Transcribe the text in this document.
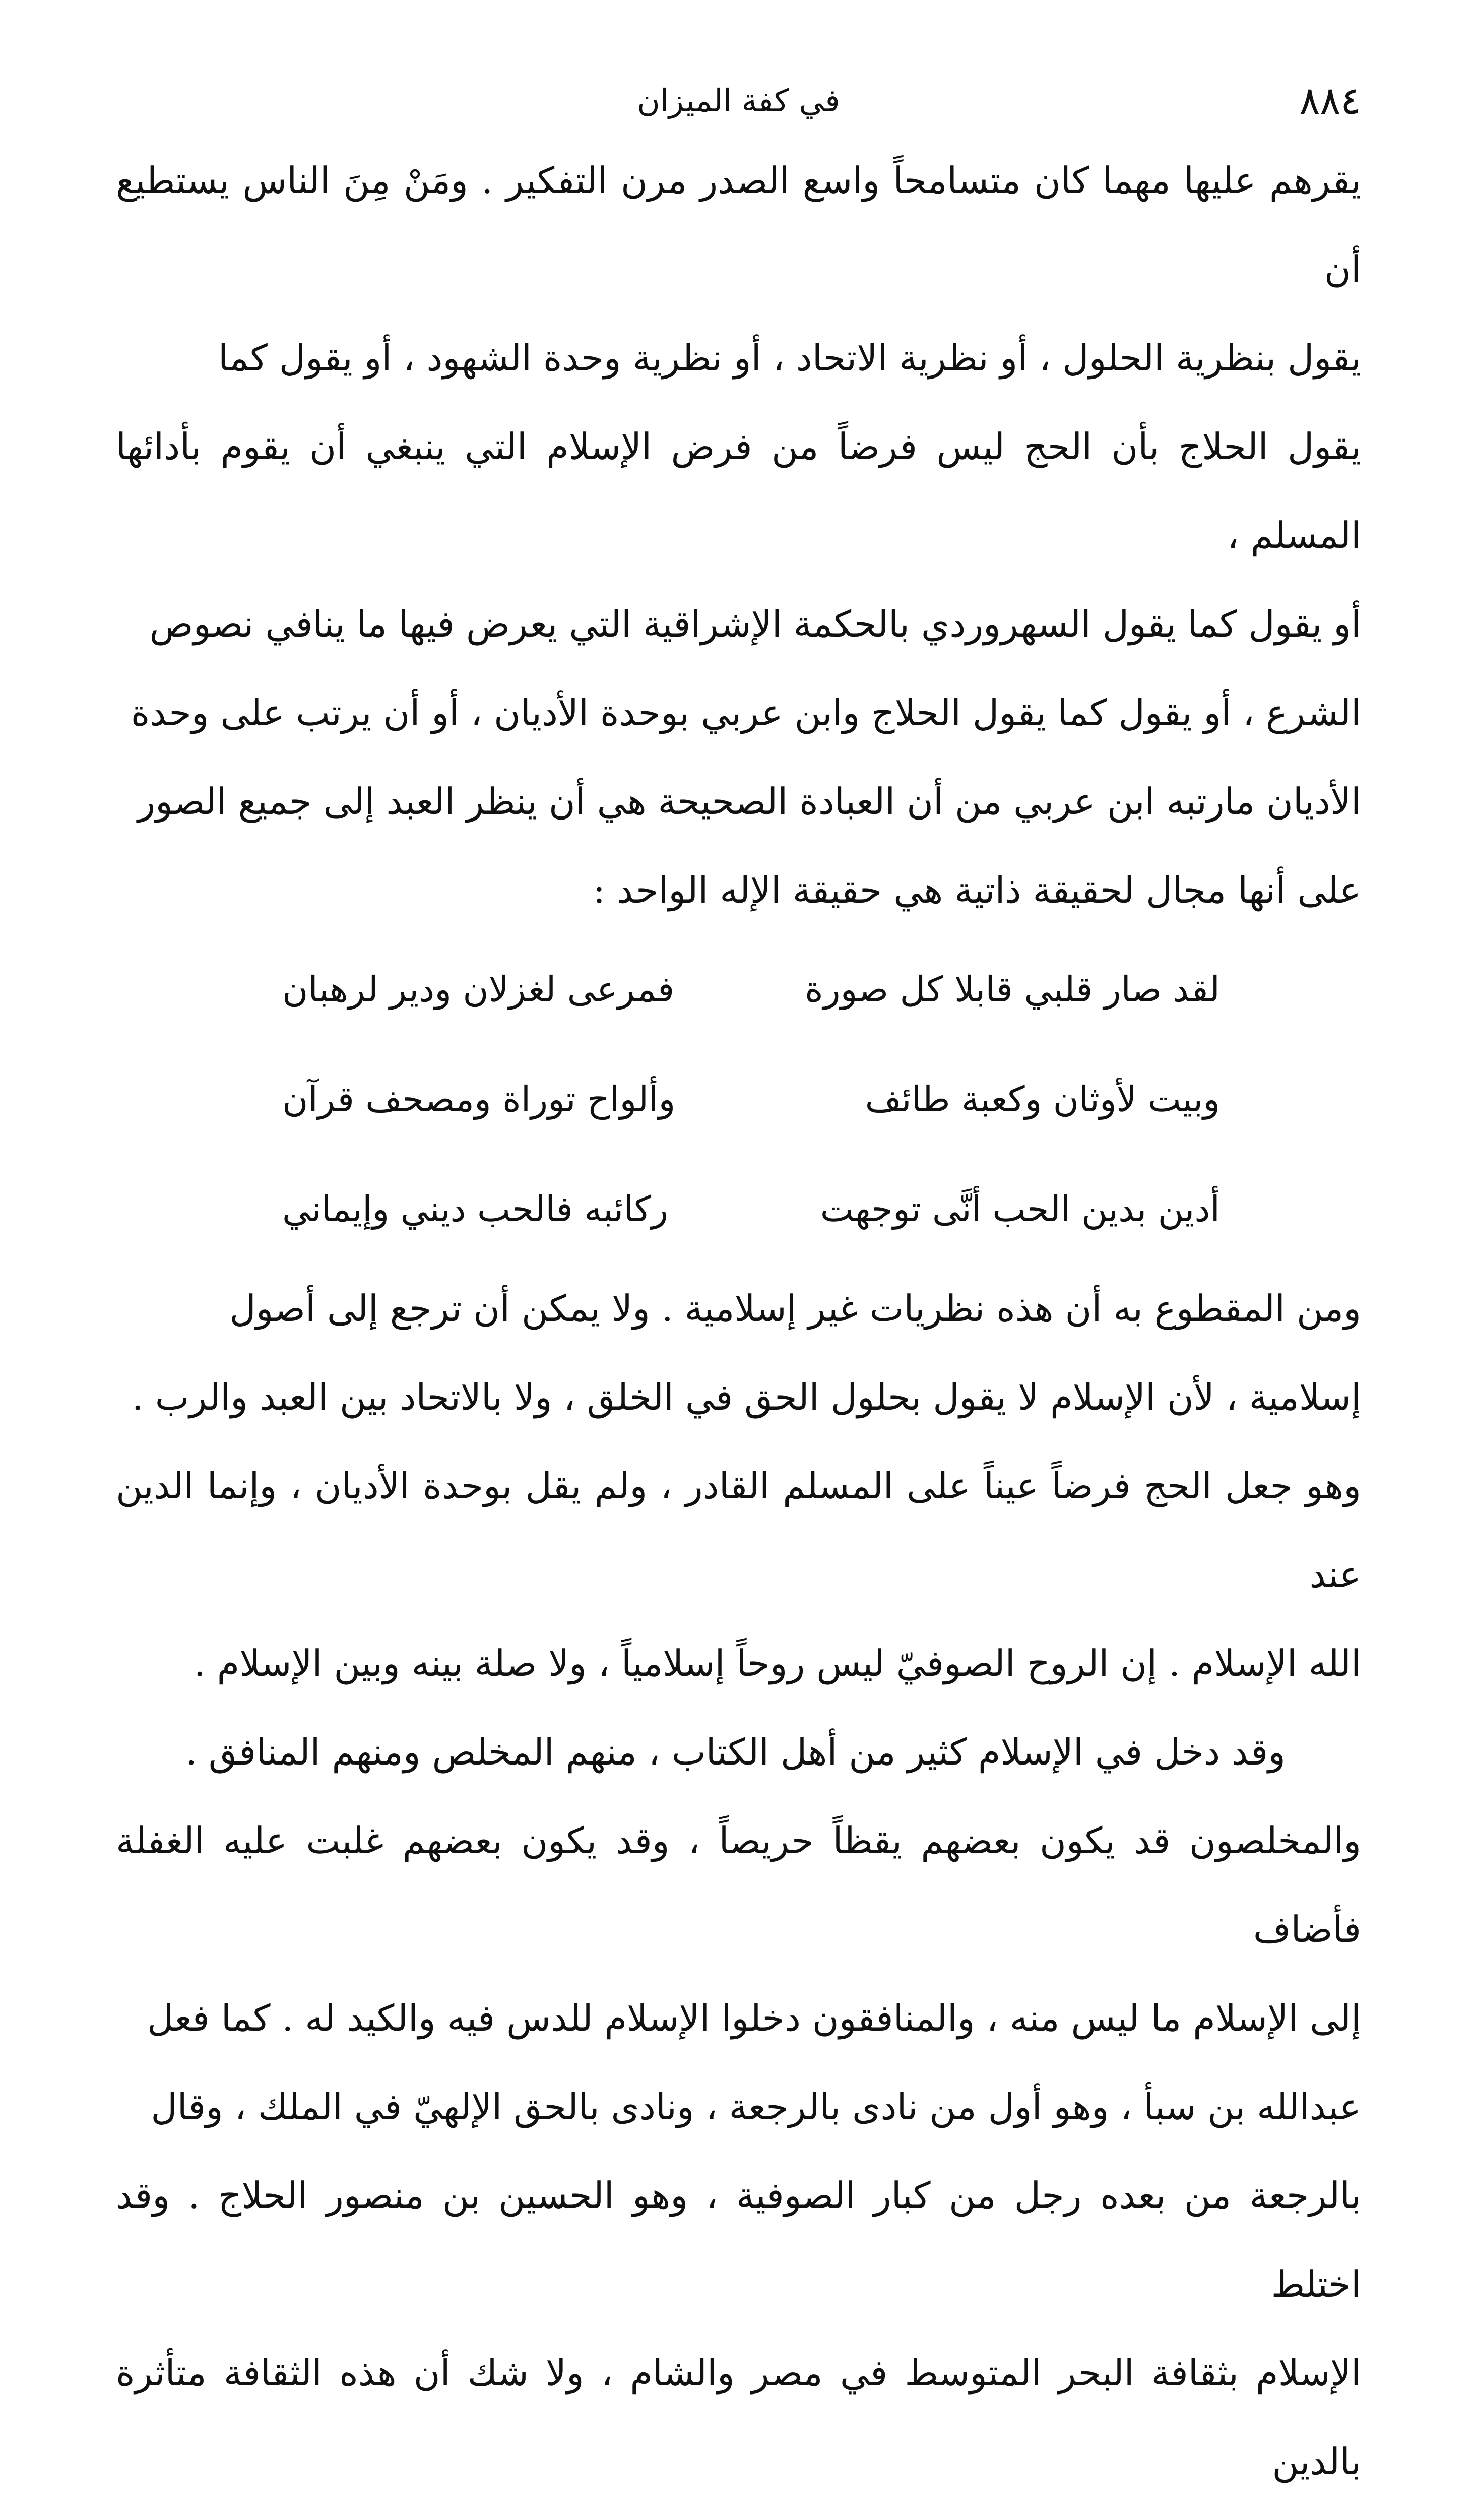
٨٨٤
في كفة الميزان

يقرهم عليها مهما كان متسامحاً واسع الصدر مرن التفكير . ومَنْ مِنَ الناس يستطيع أن

يقول بنظرية الحلول ، أو نظرية الاتحاد ، أو نظرية وحدة الشهود ، أو يقول كما

يقول الحلاج بأن الحج ليس فرضاً من فرض الإسلام التي ينبغي أن يقوم بأدائها المسلم ،

أو يقول كما يقول السهروردي بالحكمة الإشراقية التي يعرض فيها ما ينافي نصوص

الشرع ، أو يقول كما يقول الحلاج وابن عربي بوحدة الأديان ، أو أن يرتب على وحدة

الأديان مارتبه ابن عربي من أن العبادة الصحيحة هي أن ينظر العبد إلى جميع الصور

على أنها مجال لحقيقة ذاتية هي حقيقة الإله الواحد :

لقد صار قلبي قابلا كل صورة
فمرعى لغزلان ودير لرهبان
وبيت لأوثان وكعبة طائف
وألواح توراة ومصحف قرآن
أدين بدين الحب أنَّى توجهت
ركائبه فالحب ديني وإيماني

ومن المقطوع به أن هذه نظريات غير إسلامية . ولا يمكن أن ترجع إلى أصول

إسلامية ، لأن الإسلام لا يقول بحلول الحق في الخلق ، ولا بالاتحاد بين العبد والرب .

وهو جعل الحج فرضاً عيناً على المسلم القادر ، ولم يقل بوحدة الأديان ، وإنما الدين عند

الله الإسلام . إن الروح الصوفيّ ليس روحاً إسلامياً ، ولا صلة بينه وبين الإسلام .

وقد دخل في الإسلام كثير من أهل الكتاب ، منهم المخلص ومنهم المنافق .

والمخلصون قد يكون بعضهم يقظاً حريصاً ، وقد يكون بعضهم غلبت عليه الغفلة فأضاف

إلى الإسلام ما ليس منه ، والمنافقون دخلوا الإسلام للدس فيه والكيد له . كما فعل

عبدالله بن سبأ ، وهو أول من نادى بالرجعة ، ونادى بالحق الإلهيّ في الملك ، وقال

بالرجعة من بعده رجل من كبار الصوفية ، وهو الحسين بن منصور الحلاج . وقد اختلط

الإسلام بثقافة البحر المتوسط في مصر والشام ، ولا شك أن هذه الثقافة متأثرة بالدين
